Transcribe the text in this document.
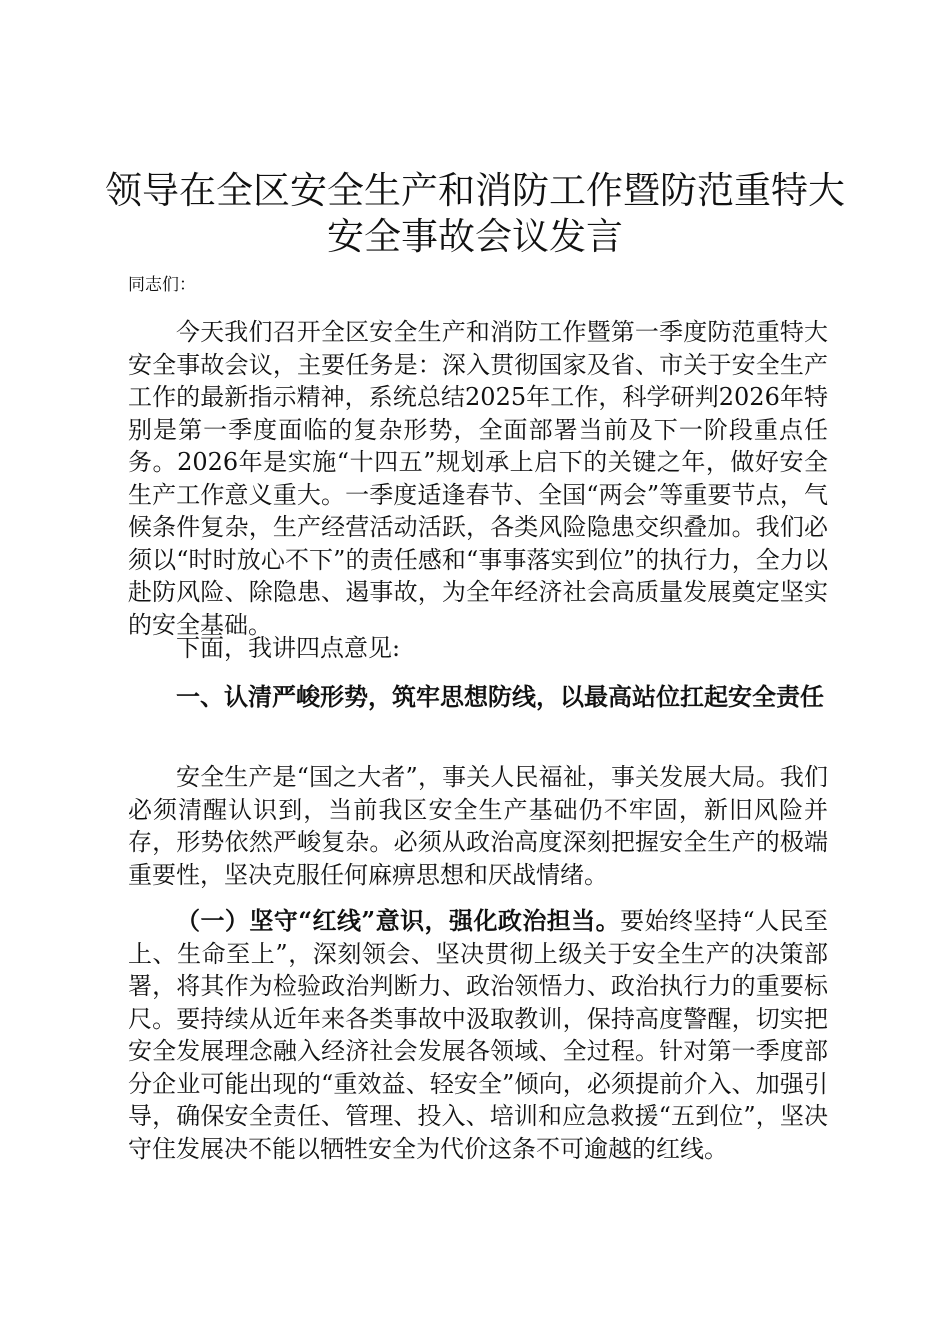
领导在全区安全生产和消防工作暨防范重特大
安全事故会议发言

同志们：

今天我们召开全区安全生产和消防工作暨第一季度防范重特大安全事故会议，主要任务是：深入贯彻国家及省、市关于安全生产工作的最新指示精神，系统总结2025年工作，科学研判2026年特别是第一季度面临的复杂形势，全面部署当前及下一阶段重点任务。2026年是实施“十四五”规划承上启下的关键之年，做好安全生产工作意义重大。一季度适逢春节、全国“两会”等重要节点，气候条件复杂，生产经营活动活跃，各类风险隐患交织叠加。我们必须以“时时放心不下”的责任感和“事事落实到位”的执行力，全力以赴防风险、除隐患、遏事故，为全年经济社会高质量发展奠定坚实的安全基础。

下面，我讲四点意见:

一、认清严峻形势，筑牢思想防线，以最高站位扛起安全责任

安全生产是“国之大者”，事关人民福祉，事关发展大局。我们必须清醒认识到，当前我区安全生产基础仍不牢固，新旧风险并存，形势依然严峻复杂。必须从政治高度深刻把握安全生产的极端重要性，坚决克服任何麻痹思想和厌战情绪。

（一）坚守“红线”意识，强化政治担当。要始终坚持“人民至上、生命至上”，深刻领会、坚决贯彻上级关于安全生产的决策部署，将其作为检验政治判断力、政治领悟力、政治执行力的重要标尺。要持续从近年来各类事故中汲取教训，保持高度警醒，切实把安全发展理念融入经济社会发展各领域、全过程。针对第一季度部分企业可能出现的“重效益、轻安全”倾向，必须提前介入、加强引导，确保安全责任、管理、投入、培训和应急救援“五到位”，坚决守住发展决不能以牺牲安全为代价这条不可逾越的红线。
